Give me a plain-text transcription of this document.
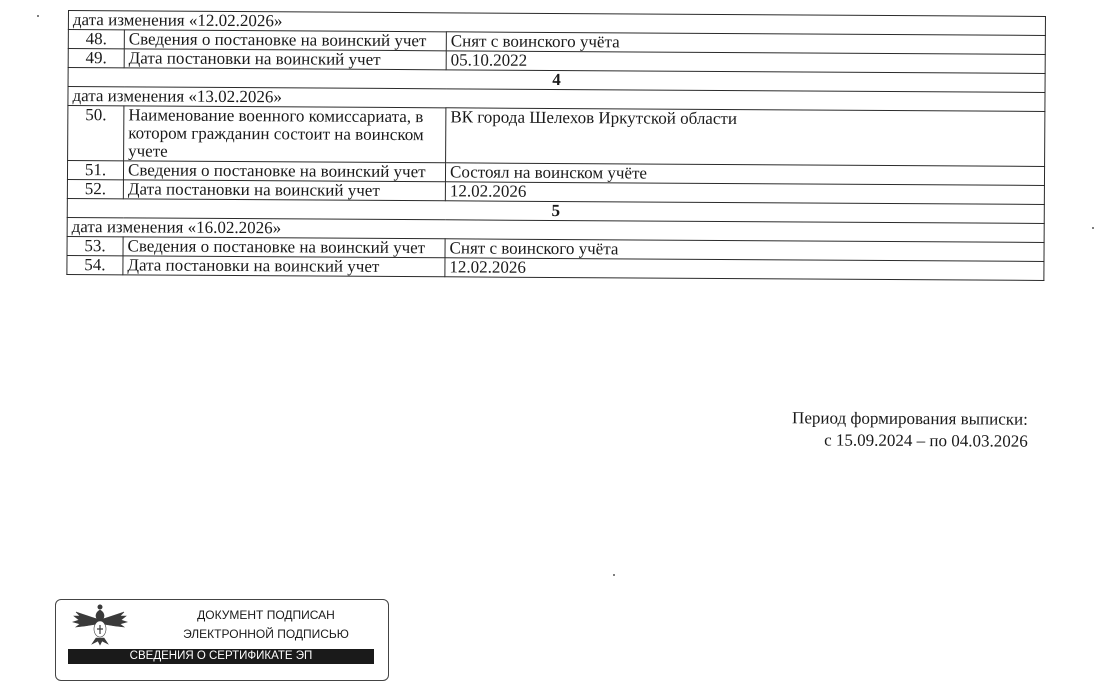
дата изменения «12.02.2026»		
48.	Сведения о постановке на воинский учет	Снят с воинского учёта
49.	Дата постановки на воинский учет	05.10.2022
4		
дата изменения «13.02.2026»		
50.	Наименование военного комиссариата, в котором гражданин состоит на воинском учете	ВК города Шелехов Иркутской области
51.	Сведения о постановке на воинский учет	Состоял на воинском учёте
52.	Дата постановки на воинский учет	12.02.2026
5		
дата изменения «16.02.2026»		
53.	Сведения о постановке на воинский учет	Снят с воинского учёта
54.	Дата постановки на воинский учет	12.02.2026
Период формирования выписки:
с 15.09.2024 – по 04.03.2026
ДОКУМЕНТ ПОДПИСАН
ЭЛЕКТРОННОЙ ПОДПИСЬЮ
СВЕДЕНИЯ О СЕРТИФИКАТЕ ЭП
